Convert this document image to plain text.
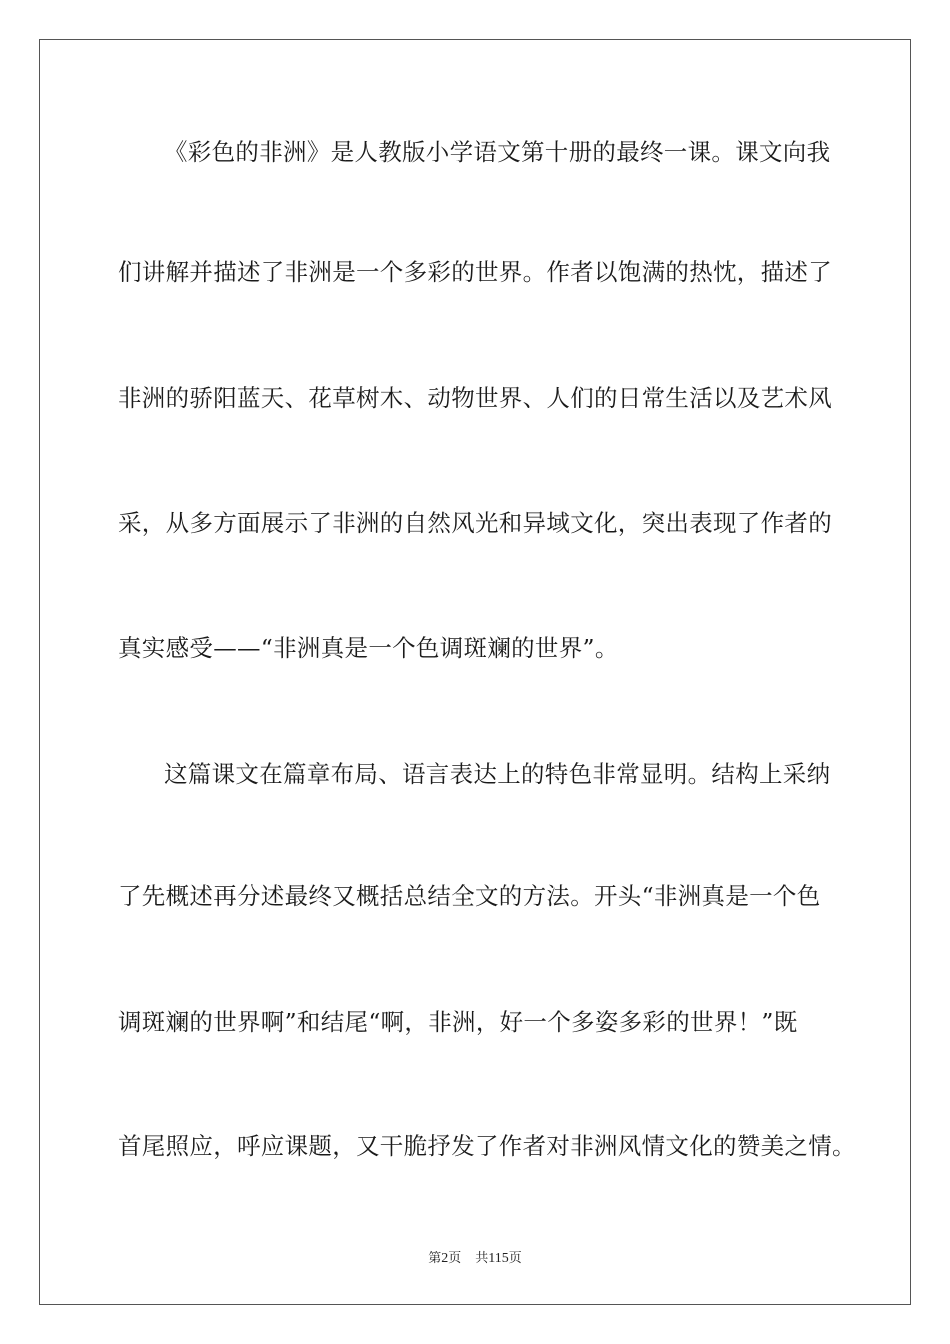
《彩色的非洲》是人教版小学语文第十册的最终一课。课文向我
们讲解并描述了非洲是一个多彩的世界。作者以饱满的热忱，描述了
非洲的骄阳蓝天、花草树木、动物世界、人们的日常生活以及艺术风
采，从多方面展示了非洲的自然风光和异域文化，突出表现了作者的
真实感受——“非洲真是一个色调斑斓的世界”。
这篇课文在篇章布局、语言表达上的特色非常显明。结构上采纳
了先概述再分述最终又概括总结全文的方法。开头“非洲真是一个色
调斑斓的世界啊”和结尾“啊，非洲，好一个多姿多彩的世界！”既
首尾照应，呼应课题，又干脆抒发了作者对非洲风情文化的赞美之情。
第2页 共115页
